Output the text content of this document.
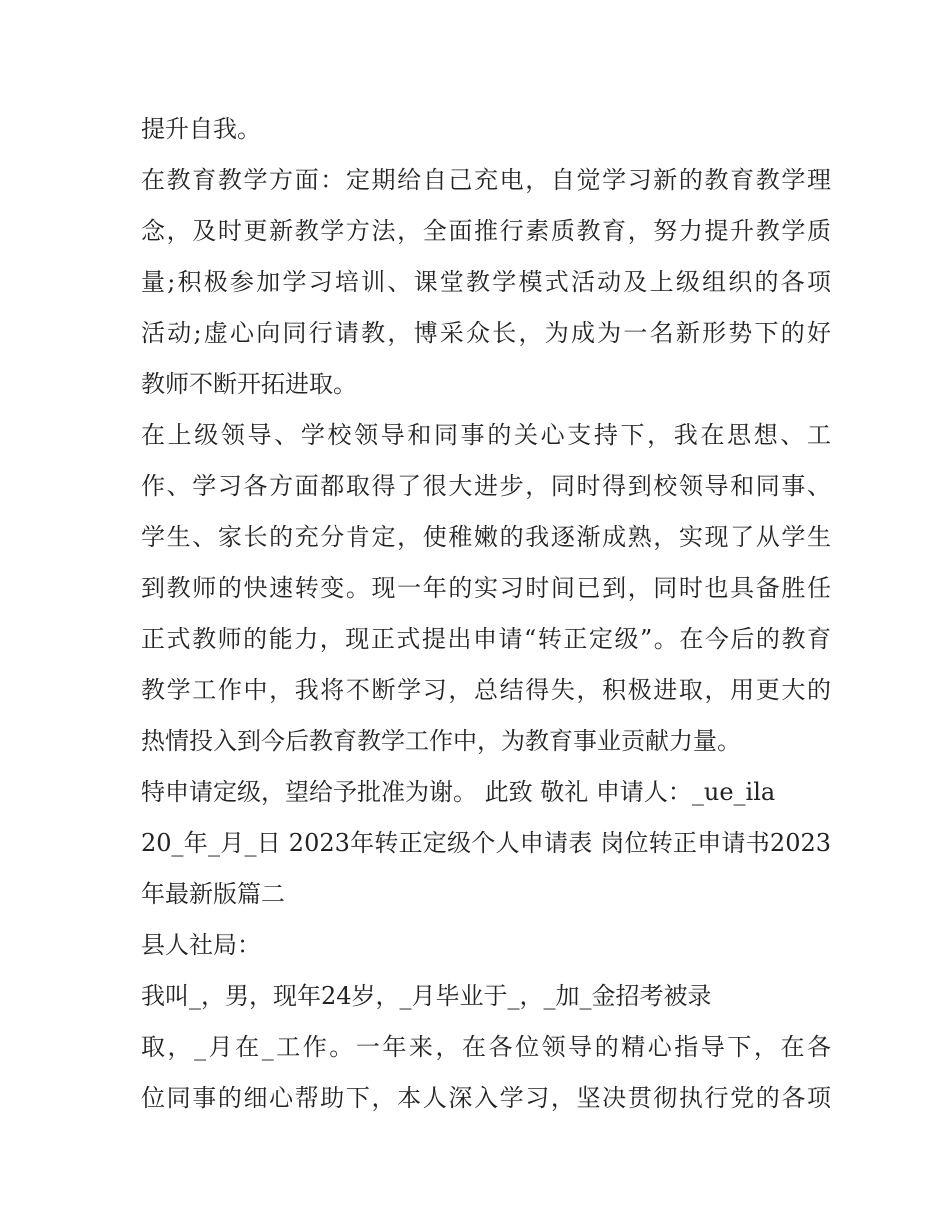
提升自我。
在教育教学方面：定期给自己充电，自觉学习新的教育教学理
念，及时更新教学方法，全面推行素质教育，努力提升教学质
量;积极参加学习培训、课堂教学模式活动及上级组织的各项
活动;虚心向同行请教，博采众长，为成为一名新形势下的好
教师不断开拓进取。
在上级领导、学校领导和同事的关心支持下，我在思想、工
作、学习各方面都取得了很大进步，同时得到校领导和同事、
学生、家长的充分肯定，使稚嫩的我逐渐成熟，实现了从学生
到教师的快速转变。现一年的实习时间已到，同时也具备胜任
正式教师的能力，现正式提出申请“转正定级”。在今后的教育
教学工作中，我将不断学习，总结得失，积极进取，用更大的
热情投入到今后教育教学工作中，为教育事业贡献力量。
特申请定级，望给予批准为谢。 此致 敬礼 申请人：_ue_ila
20_年_月_日 2023年转正定级个人申请表 岗位转正申请书2023
年最新版篇二
县人社局：
我叫_，男，现年24岁，_月毕业于_，_加_金招考被录
取，_月在_工作。一年来，在各位领导的精心指导下，在各
位同事的细心帮助下，本人深入学习，坚决贯彻执行党的各项
